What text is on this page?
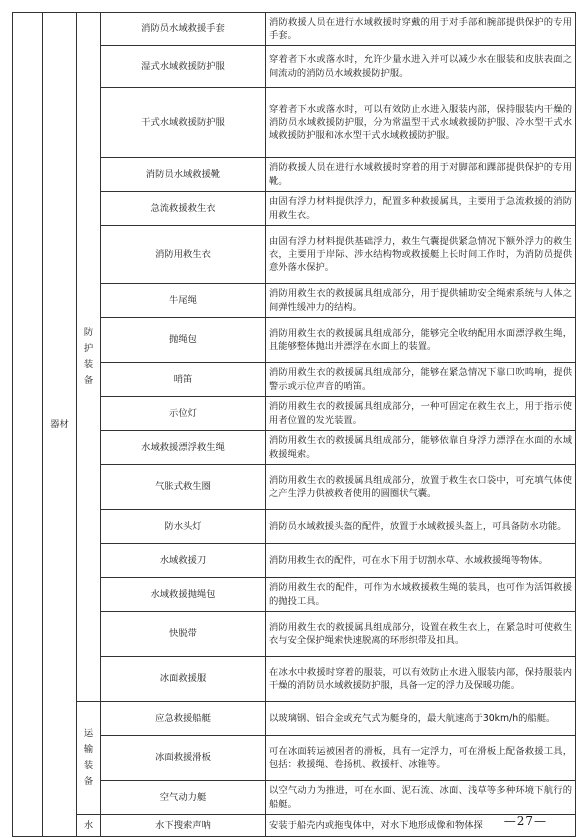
	器材	防护装备	消防员水域救援手套	消防救援人员在进行水域救援时穿戴的用于对手部和腕部提供保护的专用手套。
			湿式水域救援防护服	穿着者下水或落水时，允许少量水进入并可以减少水在服装和皮肤表面之间流动的消防员水域救援防护服。
			干式水域救援防护服	穿着者下水或落水时，可以有效防止水进入服装内部，保持服装内干燥的消防员水域救援防护服，分为常温型干式水域救援防护服、冷水型干式水域救援防护服和冰水型干式水域救援防护服。
			消防员水域救援靴	消防救援人员在进行水域救援时穿着的用于对脚部和踝部提供保护的专用靴。
			急流救援救生衣	由固有浮力材料提供浮力，配置多种救援属具，主要用于急流救援的消防用救生衣。
			消防用救生衣	由固有浮力材料提供基础浮力，救生气囊提供紧急情况下额外浮力的救生衣，主要用于岸际、涉水结构物或救援艇上长时间工作时，为消防员提供意外落水保护。
			牛尾绳	消防用救生衣的救援属具组成部分，用于提供辅助安全绳索系统与人体之间弹性缓冲力的结构。
			抛绳包	消防用救生衣的救援属具组成部分，能够完全收纳配用水面漂浮救生绳，且能够整体抛出并漂浮在水面上的装置。
			哨笛	消防用救生衣的救援属具组成部分，能够在紧急情况下靠口吹鸣响，提供警示或示位声音的哨笛。
			示位灯	消防用救生衣的救援属具组成部分，一种可固定在救生衣上，用于指示使用者位置的发光装置。
			水域救援漂浮救生绳	消防用救生衣的救援属具组成部分，能够依靠自身浮力漂浮在水面的水域救援绳索。
			气胀式救生圈	消防用救生衣的救援属具组成部分，放置于救生衣口袋中，可充填气体使之产生浮力供被救者使用的圆圈状气囊。
			防水头灯	消防员水域救援头盔的配件，放置于水域救援头盔上，可具备防水功能。
			水域救援刀	消防用救生衣的配件，可在水下用于切割水草、水域救援绳等物体。
			水域救援抛绳包	消防用救生衣的配件，可作为水域救援救生绳的装具，也可作为活饵救援的抛投工具。
			快脱带	消防用救生衣的救援属具组成部分，设置在救生衣上，在紧急时可使救生衣与安全保护绳索快速脱离的环形织带及扣具。
			冰面救援服	在冰水中救援时穿着的服装，可以有效防止水进入服装内部，保持服装内干燥的消防员水域救援防护服，具备一定的浮力及保暖功能。

		运输装备	应急救援船艇	以玻璃钢、铝合金或充气式为艇身的，最大航速高于30km/h的船艇。
			冰面救援滑板	可在冰面转运被困者的滑板，具有一定浮力，可在滑板上配备救援工具，包括：救援绳、卷扬机、救援杆、冰锥等。
			空气动力艇	以空气动力为推进，可在水面、泥石流、冰面、浅草等多种环境下航行的船艇。

		水	水下搜索声呐	安装于船壳内或拖曳体中，对水下地形成像和物体探 —27—
